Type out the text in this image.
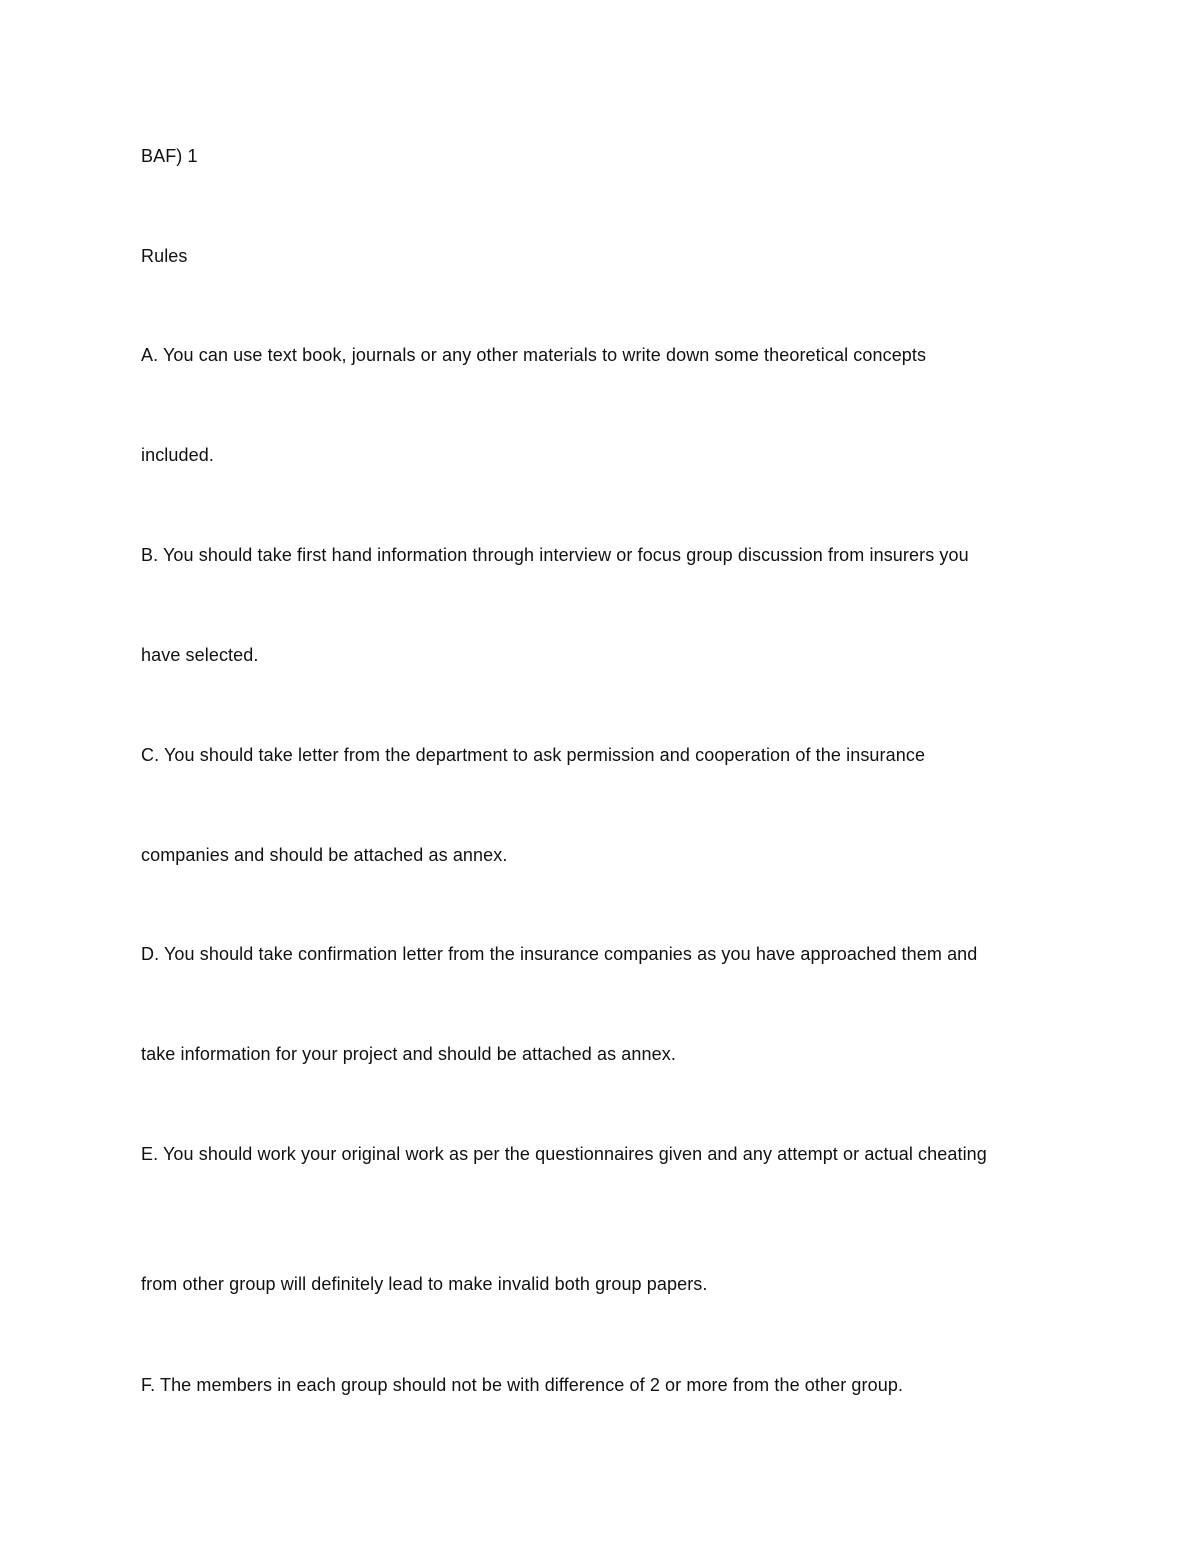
BAF) 1
Rules
A. You can use text book, journals or any other materials to write down some theoretical concepts
included.
B. You should take first hand information through interview or focus group discussion from insurers you
have selected.
C. You should take letter from the department to ask permission and cooperation of the insurance
companies and should be attached as annex.
D. You should take confirmation letter from the insurance companies as you have approached them and
take information for your project and should be attached as annex.
E. You should work your original work as per the questionnaires given and any attempt or actual cheating
from other group will definitely lead to make invalid both group papers.
F. The members in each group should not be with difference of 2 or more from the other group.
